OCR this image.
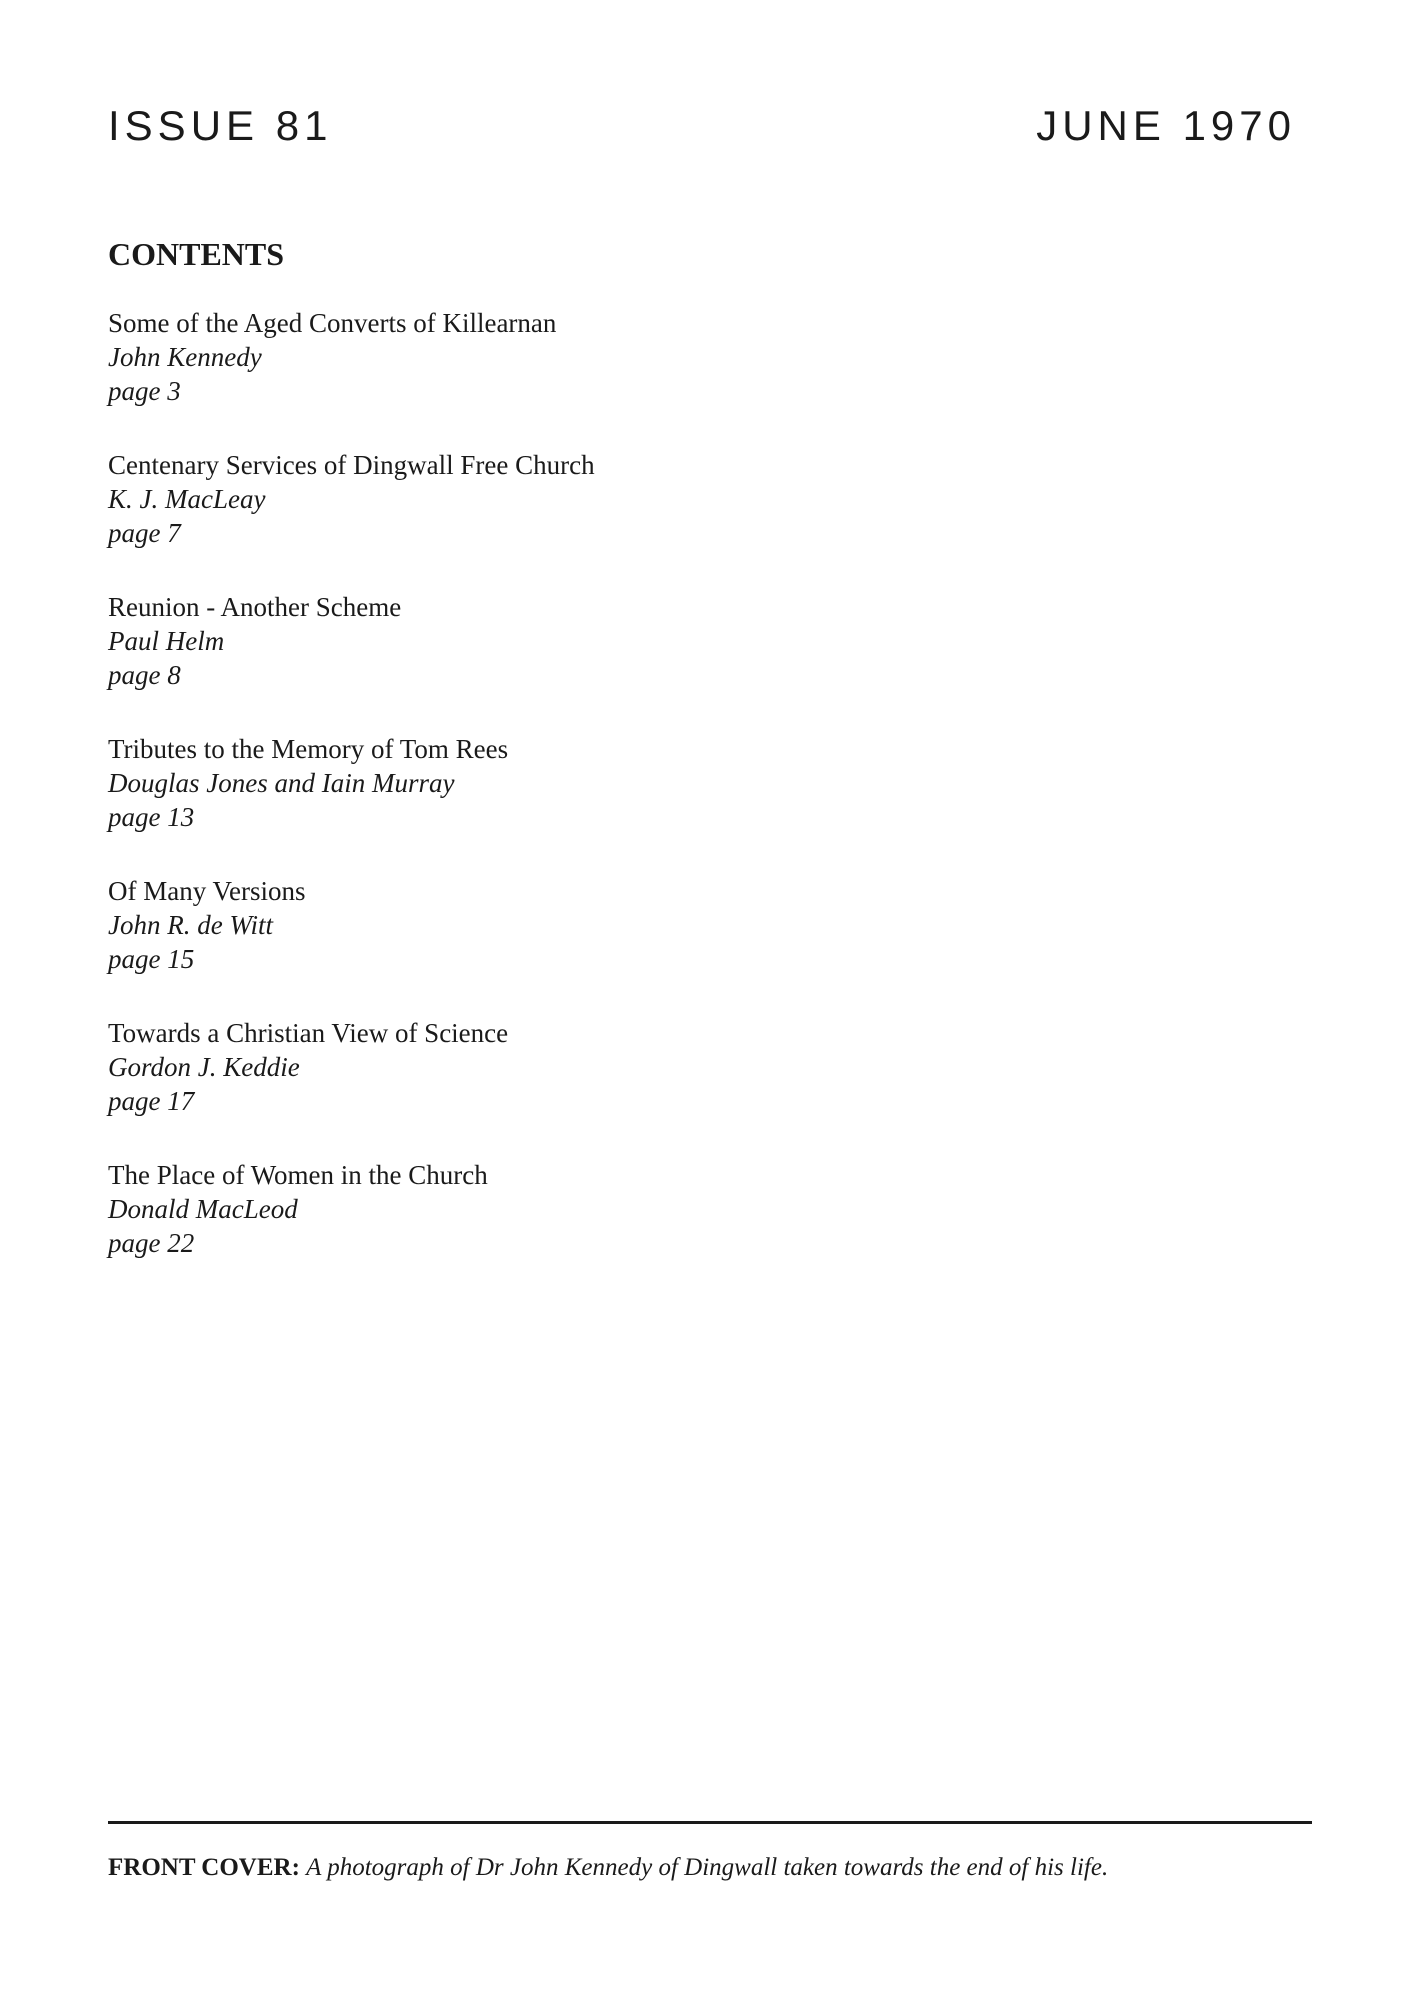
ISSUE 81	JUNE 1970
CONTENTS
Some of the Aged Converts of Killearnan
John Kennedy
page 3
Centenary Services of Dingwall Free Church
K. J. MacLeay
page 7
Reunion - Another Scheme
Paul Helm
page 8
Tributes to the Memory of Tom Rees
Douglas Jones and Iain Murray
page 13
Of Many Versions
John R. de Witt
page 15
Towards a Christian View of Science
Gordon J. Keddie
page 17
The Place of Women in the Church
Donald MacLeod
page 22
FRONT COVER: A photograph of Dr John Kennedy of Dingwall taken towards the end of his life.
